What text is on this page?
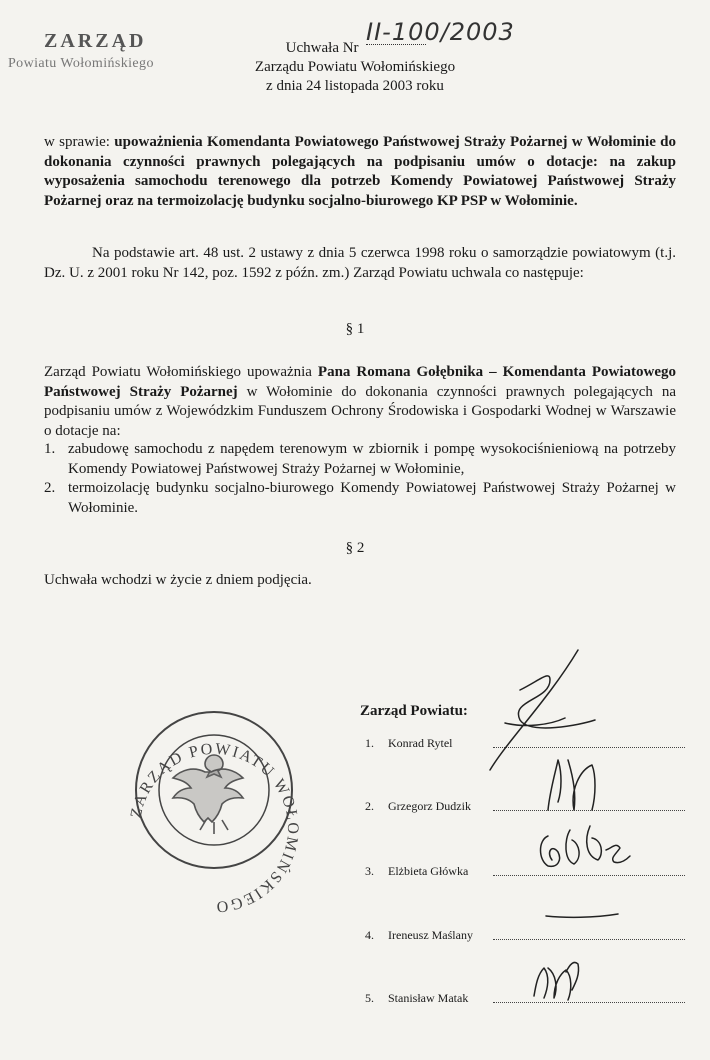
ZARZĄD
Powiatu Wołomińskiego
Uchwała Nr
II-100/2003
Zarządu Powiatu Wołomińskiego
z dnia 24 listopada 2003 roku
w sprawie: upoważnienia Komendanta Powiatowego Państwowej Straży Pożarnej w Wołominie do dokonania czynności prawnych polegających na podpisaniu umów o dotacje: na zakup wyposażenia samochodu terenowego dla potrzeb Komendy Powiatowej Państwowej Straży Pożarnej oraz na termoizolację budynku socjalno-biurowego KP PSP w Wołominie.
Na podstawie art. 48 ust. 2 ustawy z dnia 5 czerwca 1998 roku o samorządzie powiatowym (t.j. Dz. U. z 2001 roku Nr 142, poz. 1592 z późn. zm.) Zarząd Powiatu uchwala co następuje:
§ 1
Zarząd Powiatu Wołomińskiego upoważnia Pana Romana Gołębnika – Komendanta Powiatowego Państwowej Straży Pożarnej w Wołominie do dokonania czynności prawnych polegających na podpisaniu umów z Wojewódzkim Funduszem Ochrony Środowiska i Gospodarki Wodnej w Warszawie o dotacje na:
1. zabudowę samochodu z napędem terenowym w zbiornik i pompę wysokociśnieniową na potrzeby Komendy Powiatowej Państwowej Straży Pożarnej w Wołominie,
2. termoizolację budynku socjalno-biurowego Komendy Powiatowej Państwowej Straży Pożarnej w Wołominie.
§ 2
Uchwała wchodzi w życie z dniem podjęcia.
Zarząd Powiatu:
1. Konrad Rytel
2. Grzegorz Dudzik
3. Elżbieta Główka
4. Ireneusz Maślany
5. Stanisław Matak
ZARZĄD POWIATU WOŁOMIŃSKIEGO
